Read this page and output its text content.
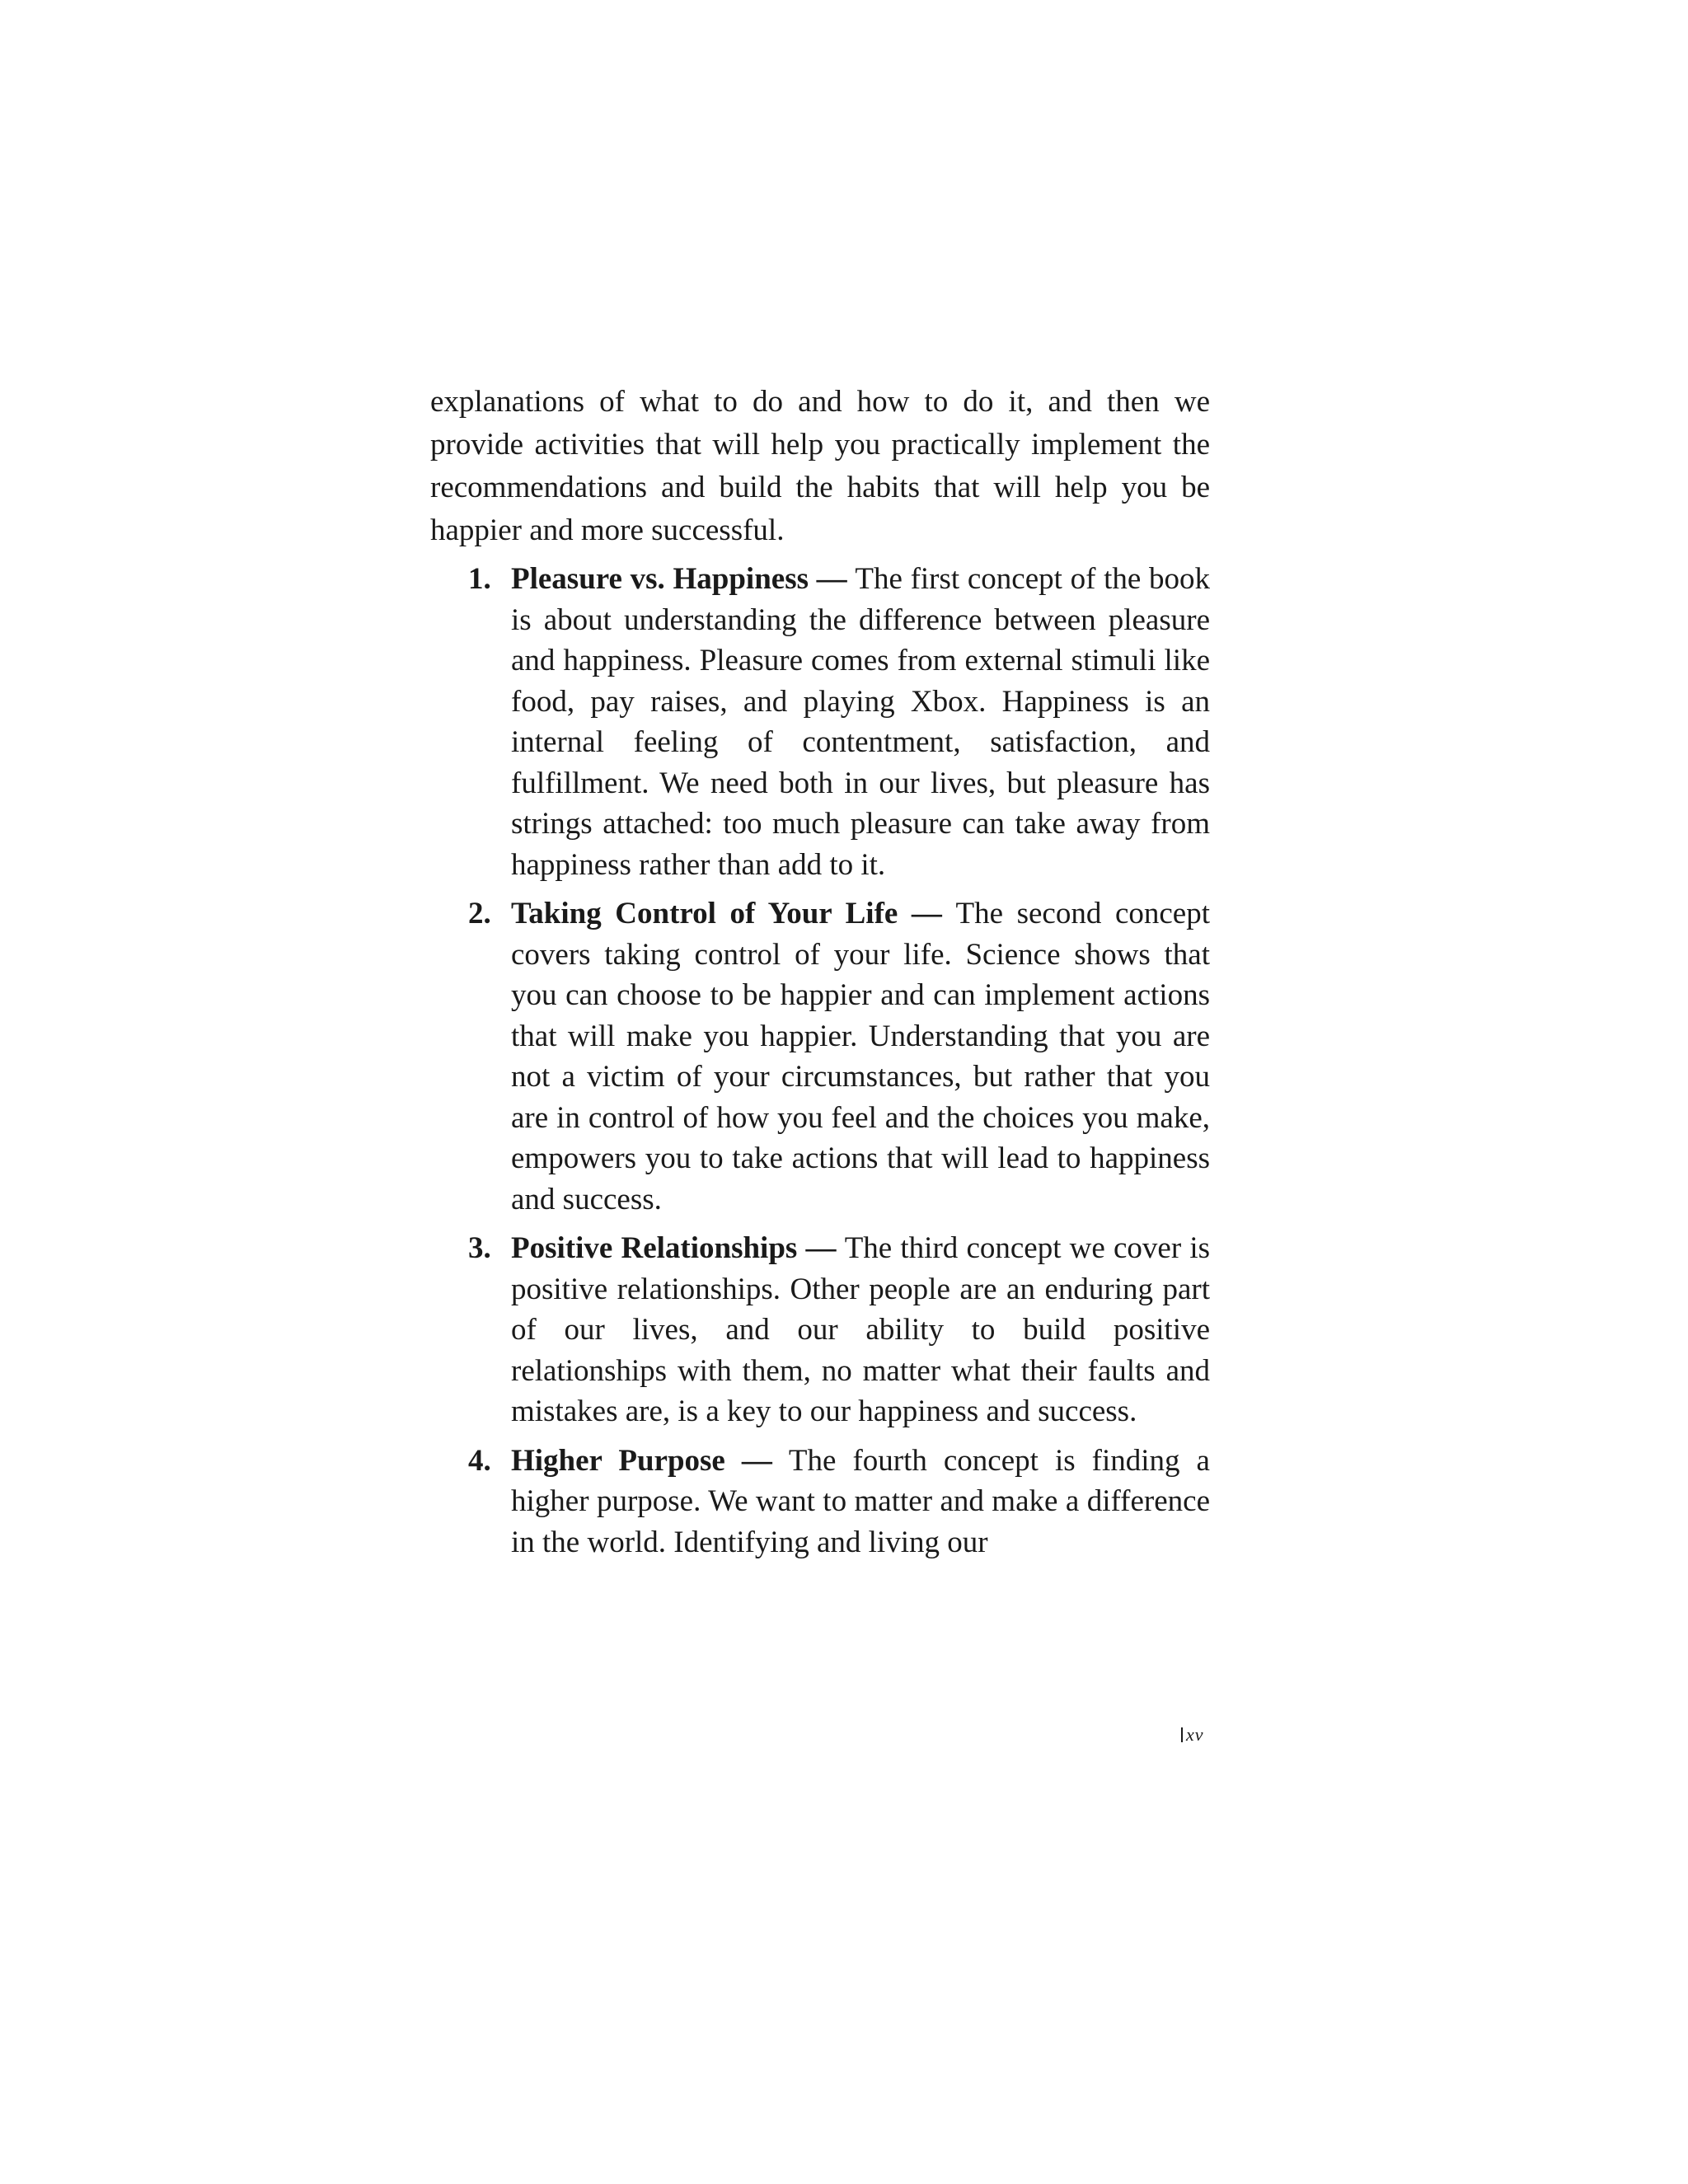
explanations of what to do and how to do it, and then we provide activities that will help you practically implement the recommendations and build the habits that will help you be happier and more successful.

1. Pleasure vs. Happiness — The first concept of the book is about understanding the difference between pleasure and happiness. Pleasure comes from external stimuli like food, pay raises, and playing Xbox. Happiness is an internal feeling of contentment, satisfaction, and fulfillment. We need both in our lives, but pleasure has strings attached: too much pleasure can take away from happiness rather than add to it.
2. Taking Control of Your Life — The second concept covers taking control of your life. Science shows that you can choose to be happier and can implement actions that will make you happier. Understanding that you are not a victim of your circumstances, but rather that you are in control of how you feel and the choices you make, empowers you to take actions that will lead to happiness and success.
3. Positive Relationships — The third concept we cover is positive relationships. Other people are an enduring part of our lives, and our ability to build positive relationships with them, no matter what their faults and mistakes are, is a key to our happiness and success.
4. Higher Purpose — The fourth concept is finding a higher purpose. We want to matter and make a difference in the world. Identifying and living our
xv
